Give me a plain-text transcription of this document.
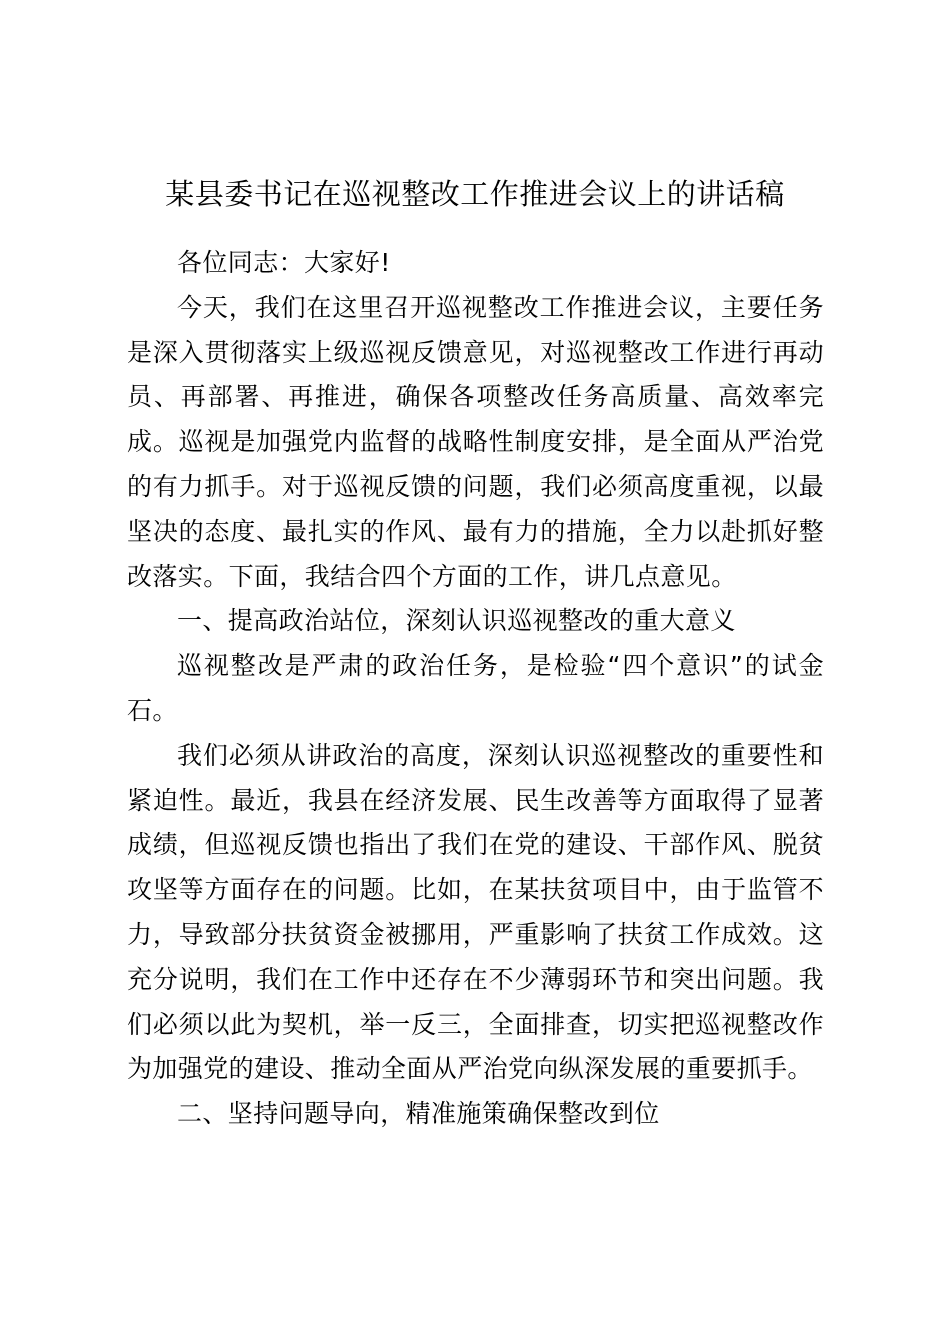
某县委书记在巡视整改工作推进会议上的讲话稿

各位同志：大家好!

今天，我们在这里召开巡视整改工作推进会议，主要任务是深入贯彻落实上级巡视反馈意见，对巡视整改工作进行再动员、再部署、再推进，确保各项整改任务高质量、高效率完成。巡视是加强党内监督的战略性制度安排，是全面从严治党的有力抓手。对于巡视反馈的问题，我们必须高度重视，以最坚决的态度、最扎实的作风、最有力的措施，全力以赴抓好整改落实。下面，我结合四个方面的工作，讲几点意见。

一、提高政治站位，深刻认识巡视整改的重大意义

巡视整改是严肃的政治任务，是检验“四个意识”的试金石。

我们必须从讲政治的高度，深刻认识巡视整改的重要性和紧迫性。最近，我县在经济发展、民生改善等方面取得了显著成绩，但巡视反馈也指出了我们在党的建设、干部作风、脱贫攻坚等方面存在的问题。比如，在某扶贫项目中，由于监管不力，导致部分扶贫资金被挪用，严重影响了扶贫工作成效。这充分说明，我们在工作中还存在不少薄弱环节和突出问题。我们必须以此为契机，举一反三，全面排查，切实把巡视整改作为加强党的建设、推动全面从严治党向纵深发展的重要抓手。

二、坚持问题导向，精准施策确保整改到位
